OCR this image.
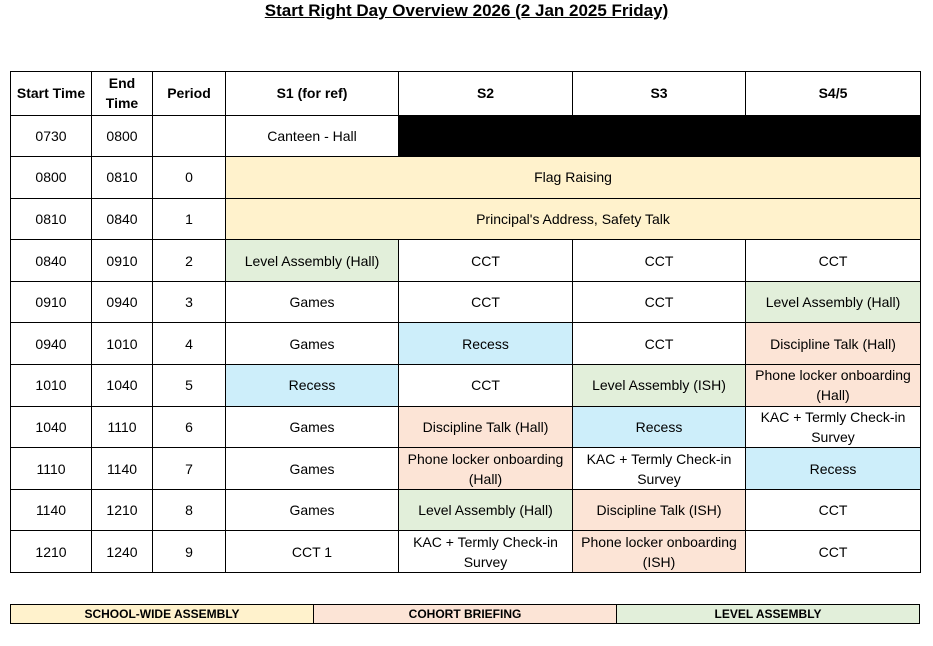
Start Right Day Overview 2026 (2 Jan 2025 Friday)
Start Time	End Time	Period	S1 (for ref)	S2	S3	S4/5
0730	0800		Canteen - Hall			
0800	0810	0	Flag Raising			
0810	0840	1	Principal's Address, Safety Talk			
0840	0910	2	Level Assembly (Hall)	CCT	CCT	CCT
0910	0940	3	Games	CCT	CCT	Level Assembly (Hall)
0940	1010	4	Games	Recess	CCT	Discipline Talk (Hall)
1010	1040	5	Recess	CCT	Level Assembly (ISH)	Phone locker onboarding (Hall)
1040	1110	6	Games	Discipline Talk (Hall)	Recess	KAC + Termly Check-in Survey
1110	1140	7	Games	Phone locker onboarding (Hall)	KAC + Termly Check-in Survey	Recess
1140	1210	8	Games	Level Assembly (Hall)	Discipline Talk (ISH)	CCT
1210	1240	9	CCT 1	KAC + Termly Check-in Survey	Phone locker onboarding (ISH)	CCT
SCHOOL-WIDE ASSEMBLY	COHORT BRIEFING	LEVEL ASSEMBLY
